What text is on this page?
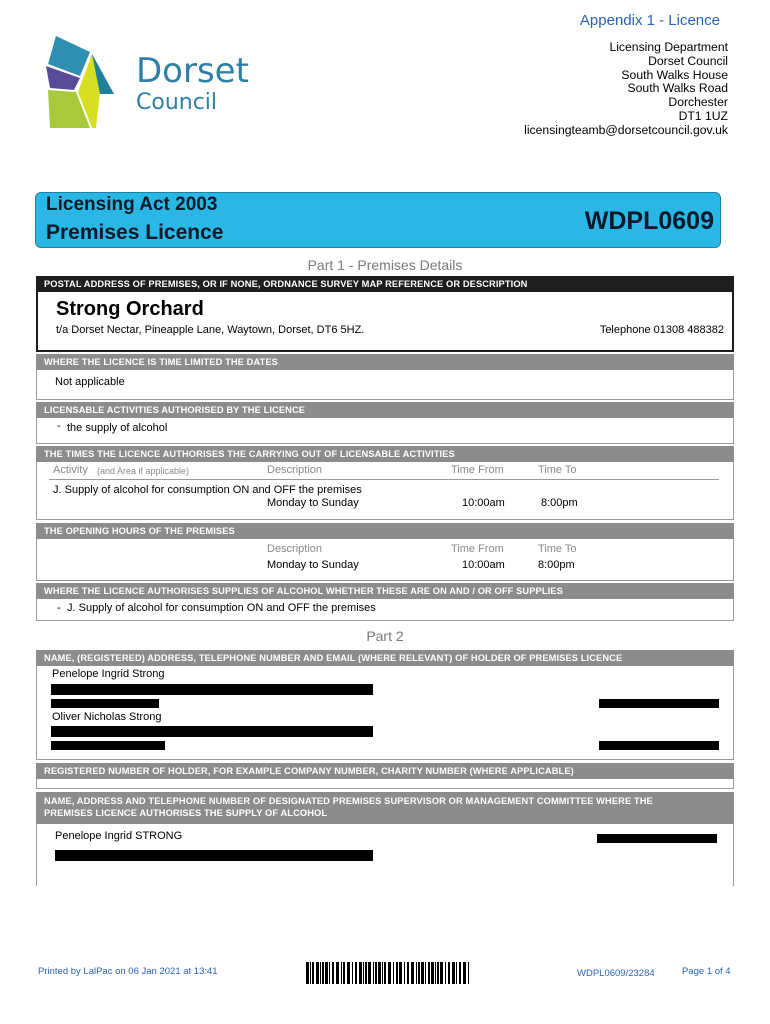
Appendix 1 - Licence
Dorset
Council
Licensing Department
Dorset Council
South Walks House
South Walks Road
Dorchester
DT1 1UZ
licensingteamb@dorsetcouncil.gov.uk
Licensing Act 2003
Premises Licence	WDPL0609
Part 1 - Premises Details
POSTAL ADDRESS OF PREMISES, OR IF NONE, ORDNANCE SURVEY MAP REFERENCE OR DESCRIPTION
Strong Orchard
t/a Dorset Nectar, Pineapple Lane, Waytown, Dorset, DT6 5HZ.	Telephone 01308 488382
WHERE THE LICENCE IS TIME LIMITED THE DATES
Not applicable
LICENSABLE ACTIVITIES AUTHORISED BY THE LICENCE
- the supply of alcohol
THE TIMES THE LICENCE AUTHORISES THE CARRYING OUT OF LICENSABLE ACTIVITIES
Activity (and Area if applicable)	Description	Time From	Time To
J. Supply of alcohol for consumption ON and OFF the premises
Monday to Sunday	10:00am	8:00pm
THE OPENING HOURS OF THE PREMISES
Description	Time From	Time To
Monday to Sunday	10:00am	8:00pm
WHERE THE LICENCE AUTHORISES SUPPLIES OF ALCOHOL WHETHER THESE ARE ON AND / OR OFF SUPPLIES
- J. Supply of alcohol for consumption ON and OFF the premises
Part 2
NAME, (REGISTERED) ADDRESS, TELEPHONE NUMBER AND EMAIL (WHERE RELEVANT) OF HOLDER OF PREMISES LICENCE
Penelope Ingrid Strong
Oliver Nicholas Strong
REGISTERED NUMBER OF HOLDER, FOR EXAMPLE COMPANY NUMBER, CHARITY NUMBER (WHERE APPLICABLE)
NAME, ADDRESS AND TELEPHONE NUMBER OF DESIGNATED PREMISES SUPERVISOR OR MANAGEMENT COMMITTEE WHERE THE
PREMISES LICENCE AUTHORISES THE SUPPLY OF ALCOHOL
Penelope Ingrid STRONG
Printed by LalPac on 06 Jan 2021 at 13:41	WDPL0609/23284	Page 1 of 4
